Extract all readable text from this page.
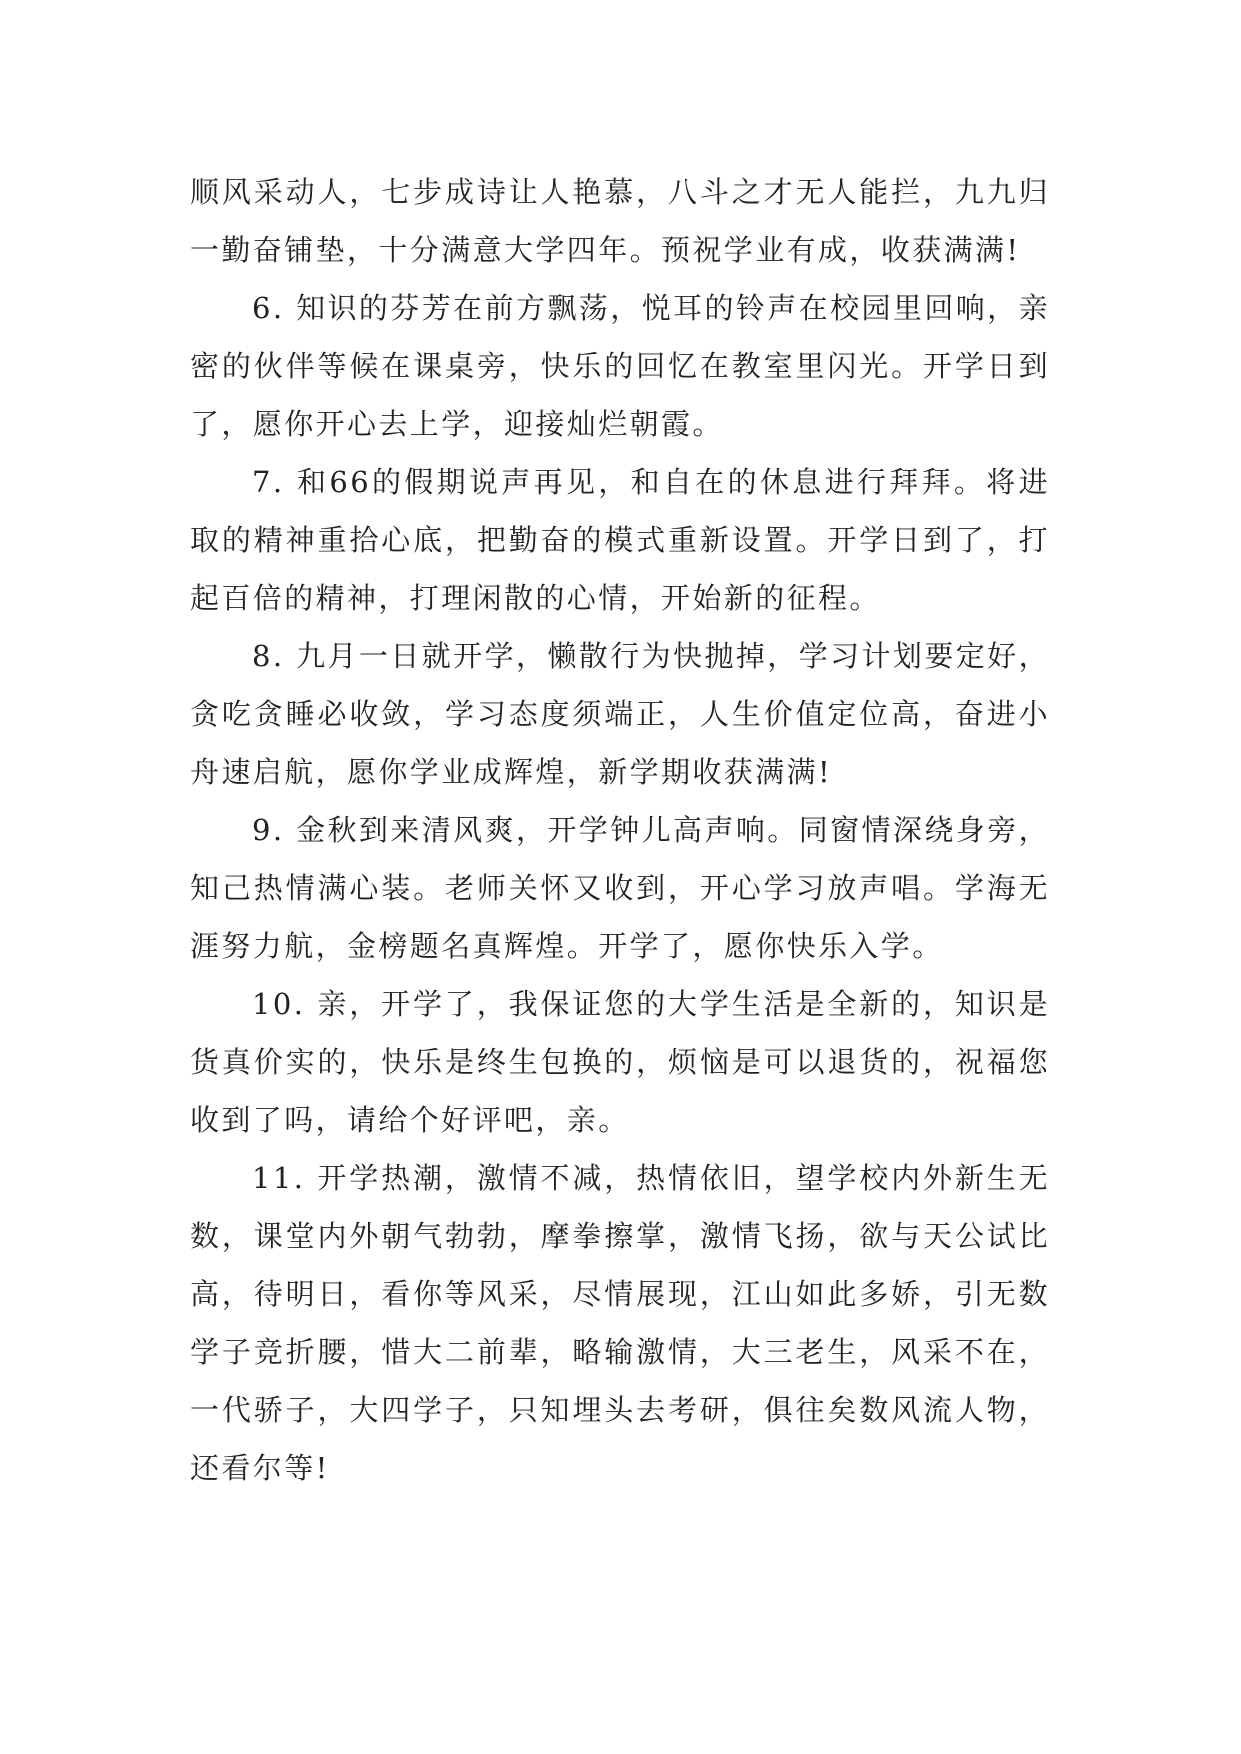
顺风采动人，七步成诗让人艳慕，八斗之才无人能拦，九九归一勤奋铺垫，十分满意大学四年。预祝学业有成，收获满满!

6. 知识的芬芳在前方飘荡，悦耳的铃声在校园里回响，亲密的伙伴等候在课桌旁，快乐的回忆在教室里闪光。开学日到了，愿你开心去上学，迎接灿烂朝霞。

7. 和66的假期说声再见，和自在的休息进行拜拜。将进取的精神重拾心底，把勤奋的模式重新设置。开学日到了，打起百倍的精神，打理闲散的心情，开始新的征程。

8. 九月一日就开学，懒散行为快抛掉，学习计划要定好，贪吃贪睡必收敛，学习态度须端正，人生价值定位高，奋进小舟速启航，愿你学业成辉煌，新学期收获满满!

9. 金秋到来清风爽，开学钟儿高声响。同窗情深绕身旁，知己热情满心装。老师关怀又收到，开心学习放声唱。学海无涯努力航，金榜题名真辉煌。开学了，愿你快乐入学。

10. 亲，开学了，我保证您的大学生活是全新的，知识是货真价实的，快乐是终生包换的，烦恼是可以退货的，祝福您收到了吗，请给个好评吧，亲。

11. 开学热潮，激情不减，热情依旧，望学校内外新生无数，课堂内外朝气勃勃，摩拳擦掌，激情飞扬，欲与天公试比高，待明日，看你等风采，尽情展现，江山如此多娇，引无数学子竞折腰，惜大二前辈，略输激情，大三老生，风采不在，一代骄子，大四学子，只知埋头去考研，俱往矣数风流人物，还看尔等!
